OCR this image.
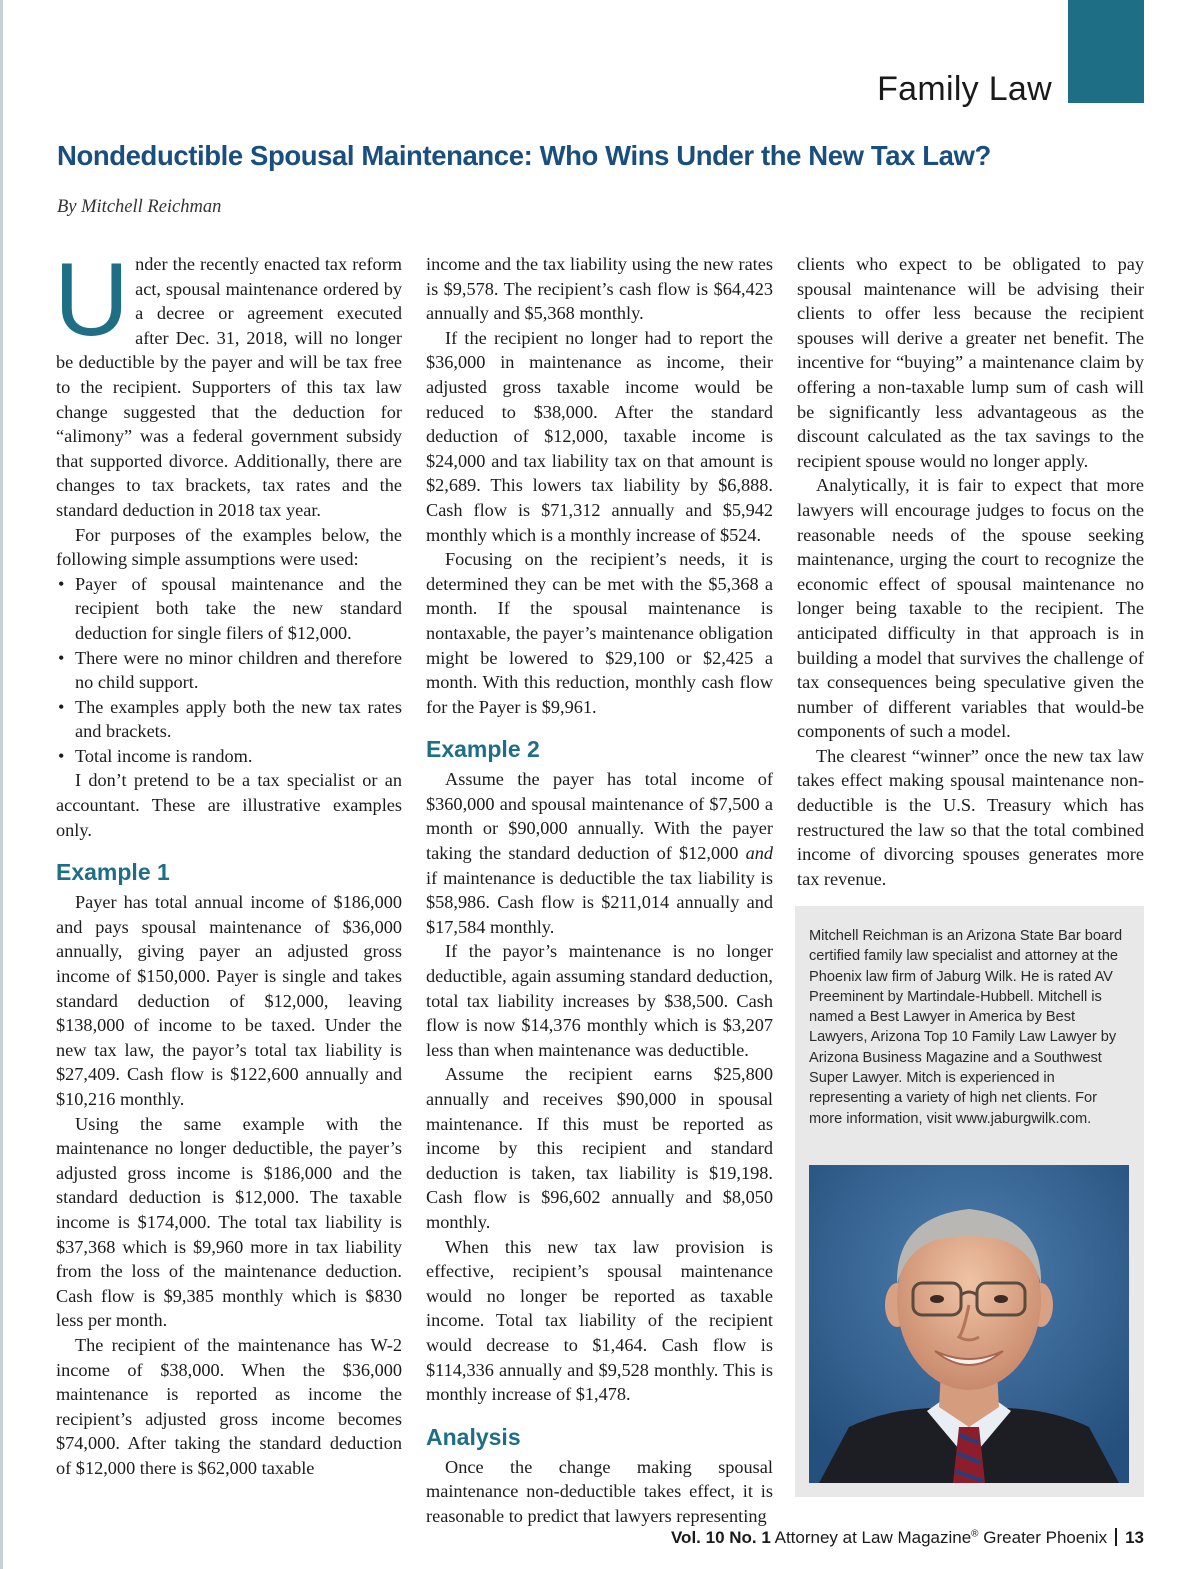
Family Law
Nondeductible Spousal Maintenance: Who Wins Under the New Tax Law?

By Mitchell Reichman

Under the recently enacted tax reform act, spousal maintenance ordered by a decree or agreement executed after Dec. 31, 2018, will no longer be deductible by the payer and will be tax free to the recipient. Supporters of this tax law change suggested that the deduction for “alimony” was a federal government subsidy that supported divorce. Additionally, there are changes to tax brackets, tax rates and the standard deduction in 2018 tax year.

For purposes of the examples below, the following simple assumptions were used:

• Payer of spousal maintenance and the recipient both take the new standard deduction for single filers of $12,000.
• There were no minor children and therefore no child support.
• The examples apply both the new tax rates and brackets.
• Total income is random.

I don’t pretend to be a tax specialist or an accountant. These are illustrative examples only.

Example 1

Payer has total annual income of $186,000 and pays spousal maintenance of $36,000 annually, giving payer an adjusted gross income of $150,000. Payer is single and takes standard deduction of $12,000, leaving $138,000 of income to be taxed. Under the new tax law, the payor’s total tax liability is $27,409. Cash flow is $122,600 annually and $10,216 monthly.

Using the same example with the maintenance no longer deductible, the payer’s adjusted gross income is $186,000 and the standard deduction is $12,000. The taxable income is $174,000. The total tax liability is $37,368 which is $9,960 more in tax liability from the loss of the maintenance deduction. Cash flow is $9,385 monthly which is $830 less per month.

The recipient of the maintenance has W-2 income of $38,000. When the $36,000 maintenance is reported as income the recipient’s adjusted gross income becomes $74,000. After taking the standard deduction of $12,000 there is $62,000 taxable

income and the tax liability using the new rates is $9,578. The recipient’s cash flow is $64,423 annually and $5,368 monthly.

If the recipient no longer had to report the $36,000 in maintenance as income, their adjusted gross taxable income would be reduced to $38,000. After the standard deduction of $12,000, taxable income is $24,000 and tax liability tax on that amount is $2,689. This lowers tax liability by $6,888. Cash flow is $71,312 annually and $5,942 monthly which is a monthly increase of $524.

Focusing on the recipient’s needs, it is determined they can be met with the $5,368 a month. If the spousal maintenance is nontaxable, the payer’s maintenance obligation might be lowered to $29,100 or $2,425 a month. With this reduction, monthly cash flow for the Payer is $9,961.

Example 2

Assume the payer has total income of $360,000 and spousal maintenance of $7,500 a month or $90,000 annually. With the payer taking the standard deduction of $12,000 and if maintenance is deductible the tax liability is $58,986. Cash flow is $211,014 annually and $17,584 monthly.

If the payor’s maintenance is no longer deductible, again assuming standard deduction, total tax liability increases by $38,500. Cash flow is now $14,376 monthly which is $3,207 less than when maintenance was deductible.

Assume the recipient earns $25,800 annually and receives $90,000 in spousal maintenance. If this must be reported as income by this recipient and standard deduction is taken, tax liability is $19,198. Cash flow is $96,602 annually and $8,050 monthly.

When this new tax law provision is effective, recipient’s spousal maintenance would no longer be reported as taxable income. Total tax liability of the recipient would decrease to $1,464. Cash flow is $114,336 annually and $9,528 monthly. This is monthly increase of $1,478.

Analysis

Once the change making spousal maintenance non-deductible takes effect, it is reasonable to predict that lawyers representing

clients who expect to be obligated to pay spousal maintenance will be advising their clients to offer less because the recipient spouses will derive a greater net benefit. The incentive for “buying” a maintenance claim by offering a non-taxable lump sum of cash will be significantly less advantageous as the discount calculated as the tax savings to the recipient spouse would no longer apply.

Analytically, it is fair to expect that more lawyers will encourage judges to focus on the reasonable needs of the spouse seeking maintenance, urging the court to recognize the economic effect of spousal maintenance no longer being taxable to the recipient. The anticipated difficulty in that approach is in building a model that survives the challenge of tax consequences being speculative given the number of different variables that would-be components of such a model.

The clearest “winner” once the new tax law takes effect making spousal maintenance non-deductible is the U.S. Treasury which has restructured the law so that the total combined income of divorcing spouses generates more tax revenue.

Mitchell Reichman is an Arizona State Bar board certified family law specialist and attorney at the Phoenix law firm of Jaburg Wilk. He is rated AV Preeminent by Martindale-Hubbell. Mitchell is named a Best Lawyer in America by Best Lawyers, Arizona Top 10 Family Law Lawyer by Arizona Business Magazine and a Southwest Super Lawyer. Mitch is experienced in representing a variety of high net clients. For more information, visit www.jaburgwilk.com.
Vol. 10 No. 1 Attorney at Law Magazine® Greater Phoenix 13
